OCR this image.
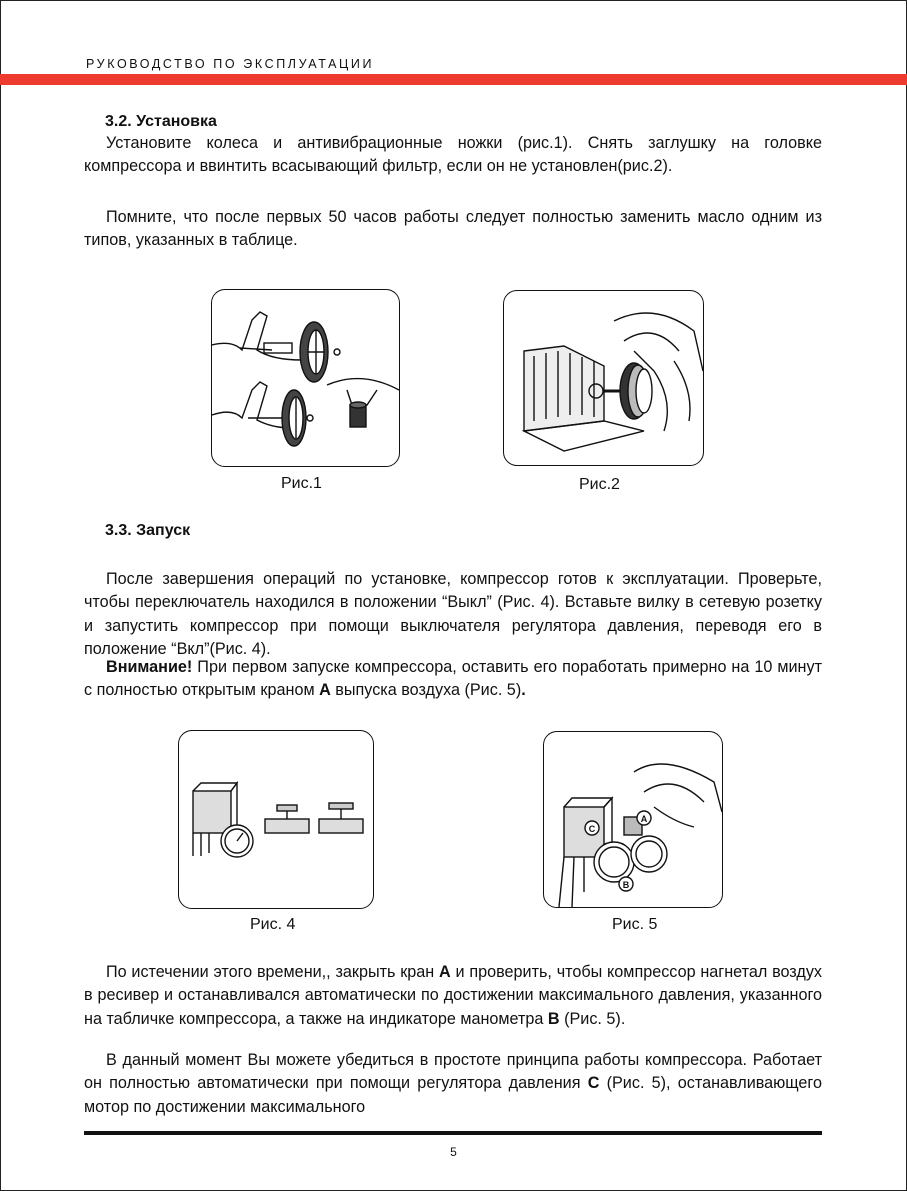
РУКОВОДСТВО ПО ЭКСПЛУАТАЦИИ
3.2. Установка
Установите колеса и антивибрационные ножки (рис.1). Снять заглушку на головке компрессора и ввинтить всасывающий фильтр, если он не установлен(рис.2).
Помните, что после первых 50 часов работы следует полностью заменить масло одним из типов, указанных в таблице.
Рис.1	Рис.2
3.3. Запуск
После завершения операций по установке, компрессор готов к эксплуатации. Проверьте, чтобы переключатель находился в положении “Выкл” (Рис. 4). Вставьте вилку в сетевую розетку и запустить компрессор при помощи выключателя регулятора давления, переводя его в положение “Вкл”(Рис. 4).
Внимание! При первом запуске компрессора, оставить его поработать примерно на 10 минут с полностью открытым краном A выпуска воздуха (Рис. 5).
Рис. 4
C
A
B
Рис. 5
По истечении этого времени,, закрыть кран A и проверить, чтобы компрессор нагнетал воздух в ресивер и останавливался автоматически по достижении максимального давления, указанного на табличке компрессора, а также на индикаторе манометра B (Рис. 5).
В данный момент Вы можете убедиться в простоте принципа работы компрессора. Работает он полностью автоматически при помощи регулятора давления C (Рис. 5), останавливающего мотор по достижении максимального
5
